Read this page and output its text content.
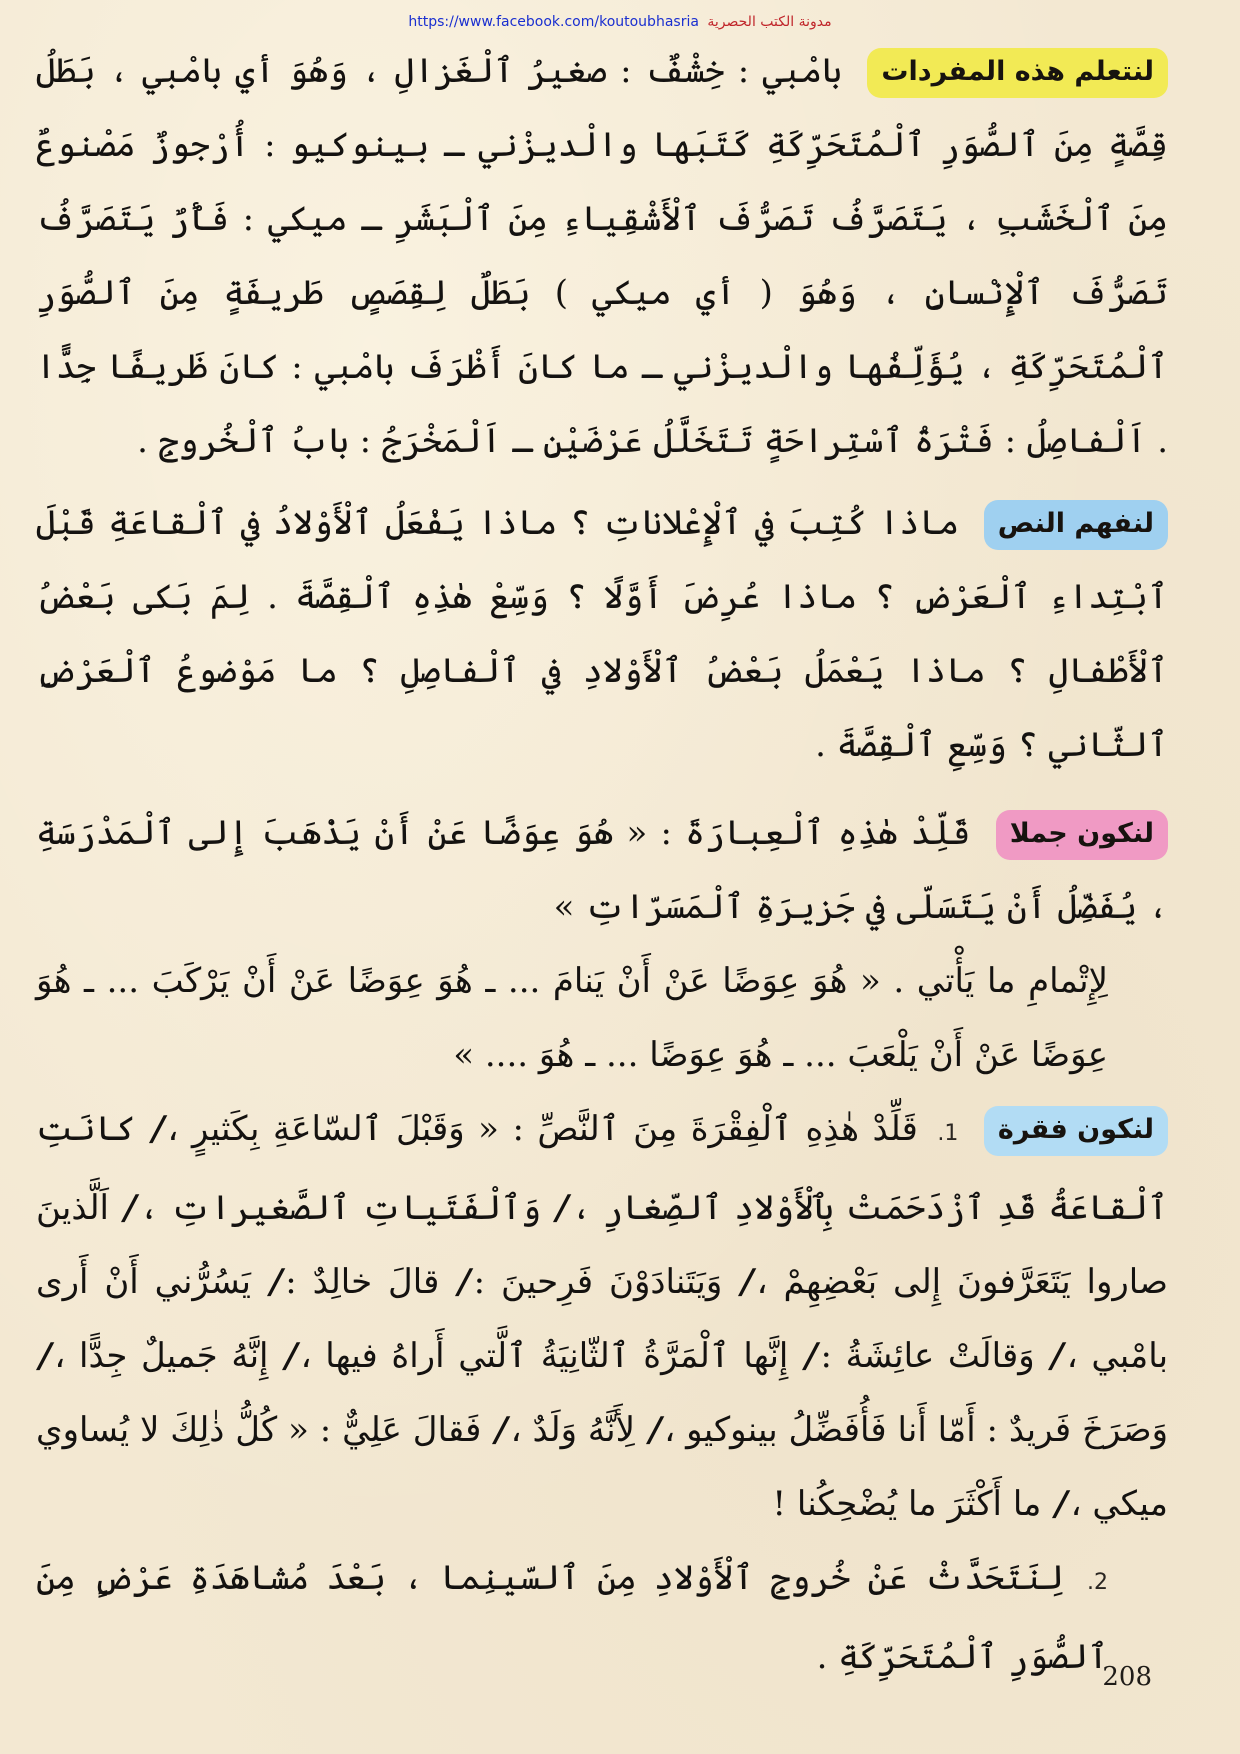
https://www.facebook.com/koutoubhasria مدونة الكتب الحصرية

لنتعلم هذه المفردات بامْبي : خِشْفٌ : صغيرُ ٱلْغَزالِ ، وَهُوَ أي بامْبي ، بَطَلُ قِصَّةٍ مِنَ ٱلصُّوَرِ ٱلْمُتَحَرِّكَةِ كَتَبَها والْديزْني ـ بينوكيو : أُرْجوزٌ مَصْنوعٌ مِنَ ٱلْخَشَبِ ، يَتَصَرَّفُ تَصَرُّفَ ٱلْأَشْقِياءِ مِنَ ٱلْبَشَرِ ـ ميكي : فَأْرٌ يَتَصَرَّفُ تَصَرُّفَ ٱلْإِنْسانِ ، وَهُوَ ( أي ميكي ) بَطَلٌ لِقِصَصٍ طَريفَةٍ مِنَ ٱلصُّوَرِ ٱلْمُتَحَرِّكَةِ ، يُؤَلِّفُها والْديزْني ـ ما كانَ أَظْرَفَ بامْبي : كانَ ظَريفًا جِدًّا . اَلْفاصِلُ : فَتْرَةُ ٱسْتِراحَةٍ تَتَخَلَّلُ عَرْضَيْنِ ـ اَلْمَخْرَجُ : بابُ ٱلْخُروجِ .

لنفهم النص ماذا كُتِبَ في ٱلْإِعْلاناتِ ؟ ماذا يَفْعَلُ ٱلْأَوْلادُ في ٱلْقاعَةِ قَبْلَ ٱبْتِداءِ ٱلْعَرْضِ ؟ ماذا عُرِضَ أَوَّلًا ؟ وَسِّعْ هٰذِهِ ٱلْقِصَّةَ . لِمَ بَكى بَعْضُ ٱلْأَطْفالِ ؟ ماذا يَعْمَلُ بَعْضُ ٱلْأَوْلادِ في ٱلْفاصِلِ ؟ ما مَوْضوعُ ٱلْعَرْضِ ٱلثّاني ؟ وَسِّعِ ٱلْقِصَّةَ .

لنكون جملا قَلِّدْ هٰذِهِ ٱلْعِبارَةَ : « هُوَ عِوَضًا عَنْ أَنْ يَذْهَبَ إِلى ٱلْمَدْرَسَةِ ، يُفَضِّلُ أَنْ يَتَسَلّى في جَزيرَةِ ٱلْمَسَرّاتِ »

لِإِتْمامِ ما يَأْتي . « هُوَ عِوَضًا عَنْ أَنْ يَنامَ ... ـ هُوَ عِوَضًا عَنْ أَنْ يَرْكَبَ ... ـ هُوَ عِوَضًا عَنْ أَنْ يَلْعَبَ ... ـ هُوَ عِوَضًا ... ـ هُوَ .... »

لنكون فقرة 1. قَلِّدْ هٰذِهِ ٱلْفِقْرَةَ مِنَ ٱلنَّصِّ : « وَقَبْلَ ٱلسّاعَةِ بِكَثيرٍ ،/ كانَتِ ٱلْقاعَةُ قَدِ ٱزْدَحَمَتْ بِٱلْأَوْلادِ ٱلصِّغارِ ،/ وَٱلْفَتَياتِ ٱلصَّغيراتِ ،/ اَلَّذينَ صاروا يَتَعَرَّفونَ إِلى بَعْضِهِمْ ،/ وَيَتَنادَوْنَ فَرِحينَ :/ قالَ خالِدٌ :/ يَسُرُّني أَنْ أَرى بامْبي ،/ وَقالَتْ عائِشَةُ :/ إِنَّها ٱلْمَرَّةُ ٱلثّانِيَةُ ٱلَّتي أَراهُ فيها ،/ إِنَّهُ جَميلٌ جِدًّا ،/ وَصَرَخَ فَريدٌ : أَمّا أَنا فَأُفَضِّلُ بينوكيو ،/ لِأَنَّهُ وَلَدٌ ،/ فَقالَ عَلِيٌّ : « كُلُّ ذٰلِكَ لا يُساوي ميكي ،/ ما أَكْثَرَ ما يُضْحِكُنا !

2. لِنَتَحَدَّثْ عَنْ خُروجِ ٱلْأَوْلادِ مِنَ ٱلسّينِما ، بَعْدَ مُشاهَدَةِ عَرْضٍ مِنَ ٱلصُّوَرِ ٱلْمُتَحَرِّكَةِ .

208
